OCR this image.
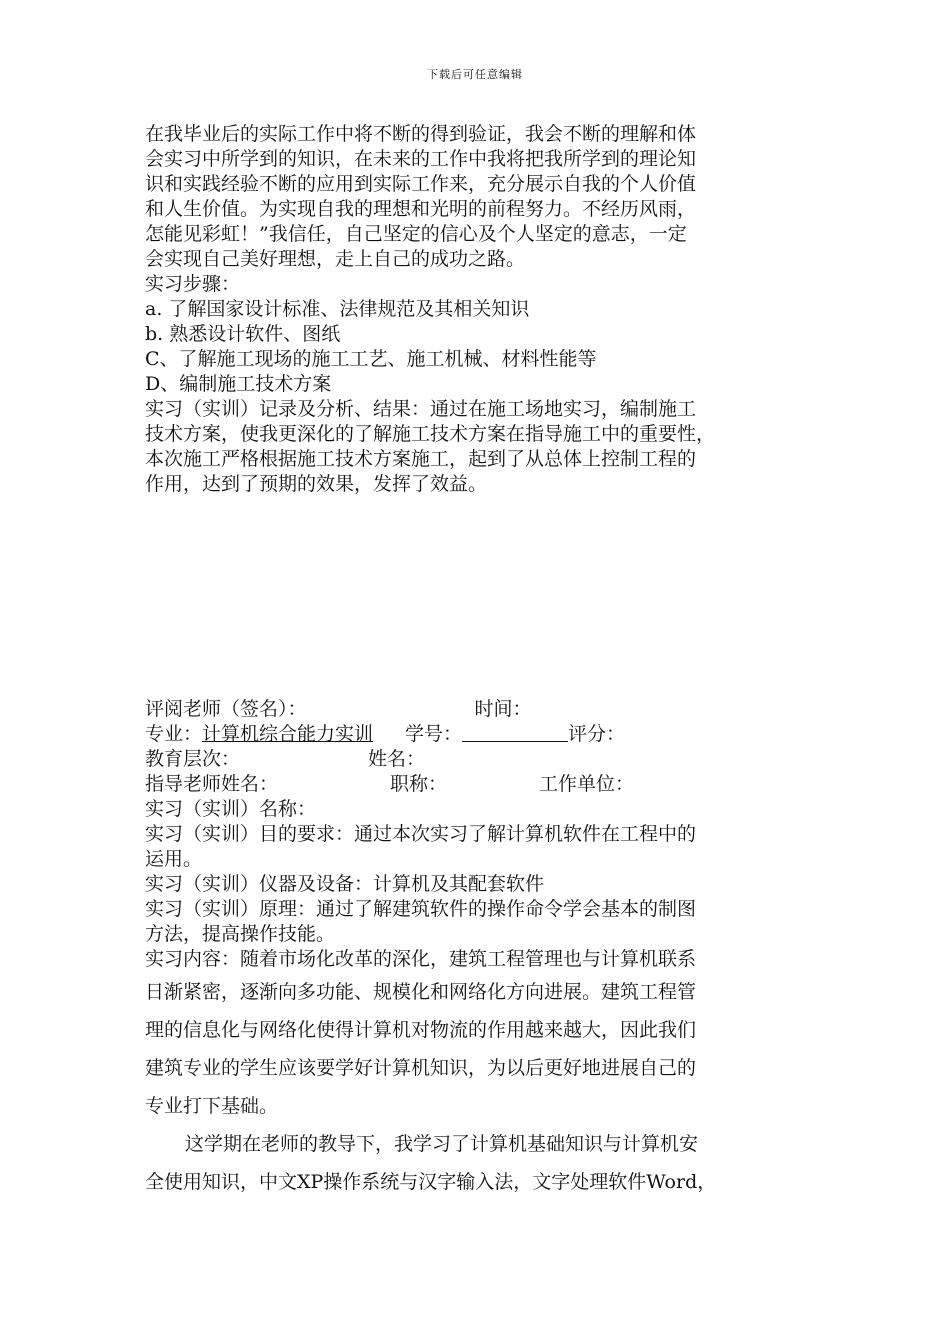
下载后可任意编辑
在我毕业后的实际工作中将不断的得到验证，我会不断的理解和体
会实习中所学到的知识，在未来的工作中我将把我所学到的理论知
识和实践经验不断的应用到实际工作来，充分展示自我的个人价值
和人生价值。为实现自我的理想和光明的前程努力。不经历风雨，
怎能见彩虹！”我信任，自己坚定的信心及个人坚定的意志，一定
会实现自己美好理想，走上自己的成功之路。
实习步骤：
a. 了解国家设计标准、法律规范及其相关知识
b. 熟悉设计软件、图纸
C、了解施工现场的施工工艺、施工机械、材料性能等
D、编制施工技术方案
实习（实训）记录及分析、结果：通过在施工场地实习，编制施工
技术方案，使我更深化的了解施工技术方案在指导施工中的重要性，
本次施工严格根据施工技术方案施工，起到了从总体上控制工程的
作用，达到了预期的效果，发挥了效益。
评阅老师（签名）：	时间：
专业：计算机综合能力实训 学号：	评分：
教育层次：	姓名：
指导老师姓名：	职称：	工作单位：
实习（实训）名称：
实习（实训）目的要求：通过本次实习了解计算机软件在工程中的
运用。
实习（实训）仪器及设备：计算机及其配套软件
实习（实训）原理：通过了解建筑软件的操作命令学会基本的制图
方法，提高操作技能。
实习内容：随着市场化改革的深化，建筑工程管理也与计算机联系
日渐紧密，逐渐向多功能、规模化和网络化方向进展。建筑工程管
理的信息化与网络化使得计算机对物流的作用越来越大，因此我们
建筑专业的学生应该要学好计算机知识，为以后更好地进展自己的
专业打下基础。
这学期在老师的教导下，我学习了计算机基础知识与计算机安
全使用知识，中文XP操作系统与汉字输入法，文字处理软件Word，
